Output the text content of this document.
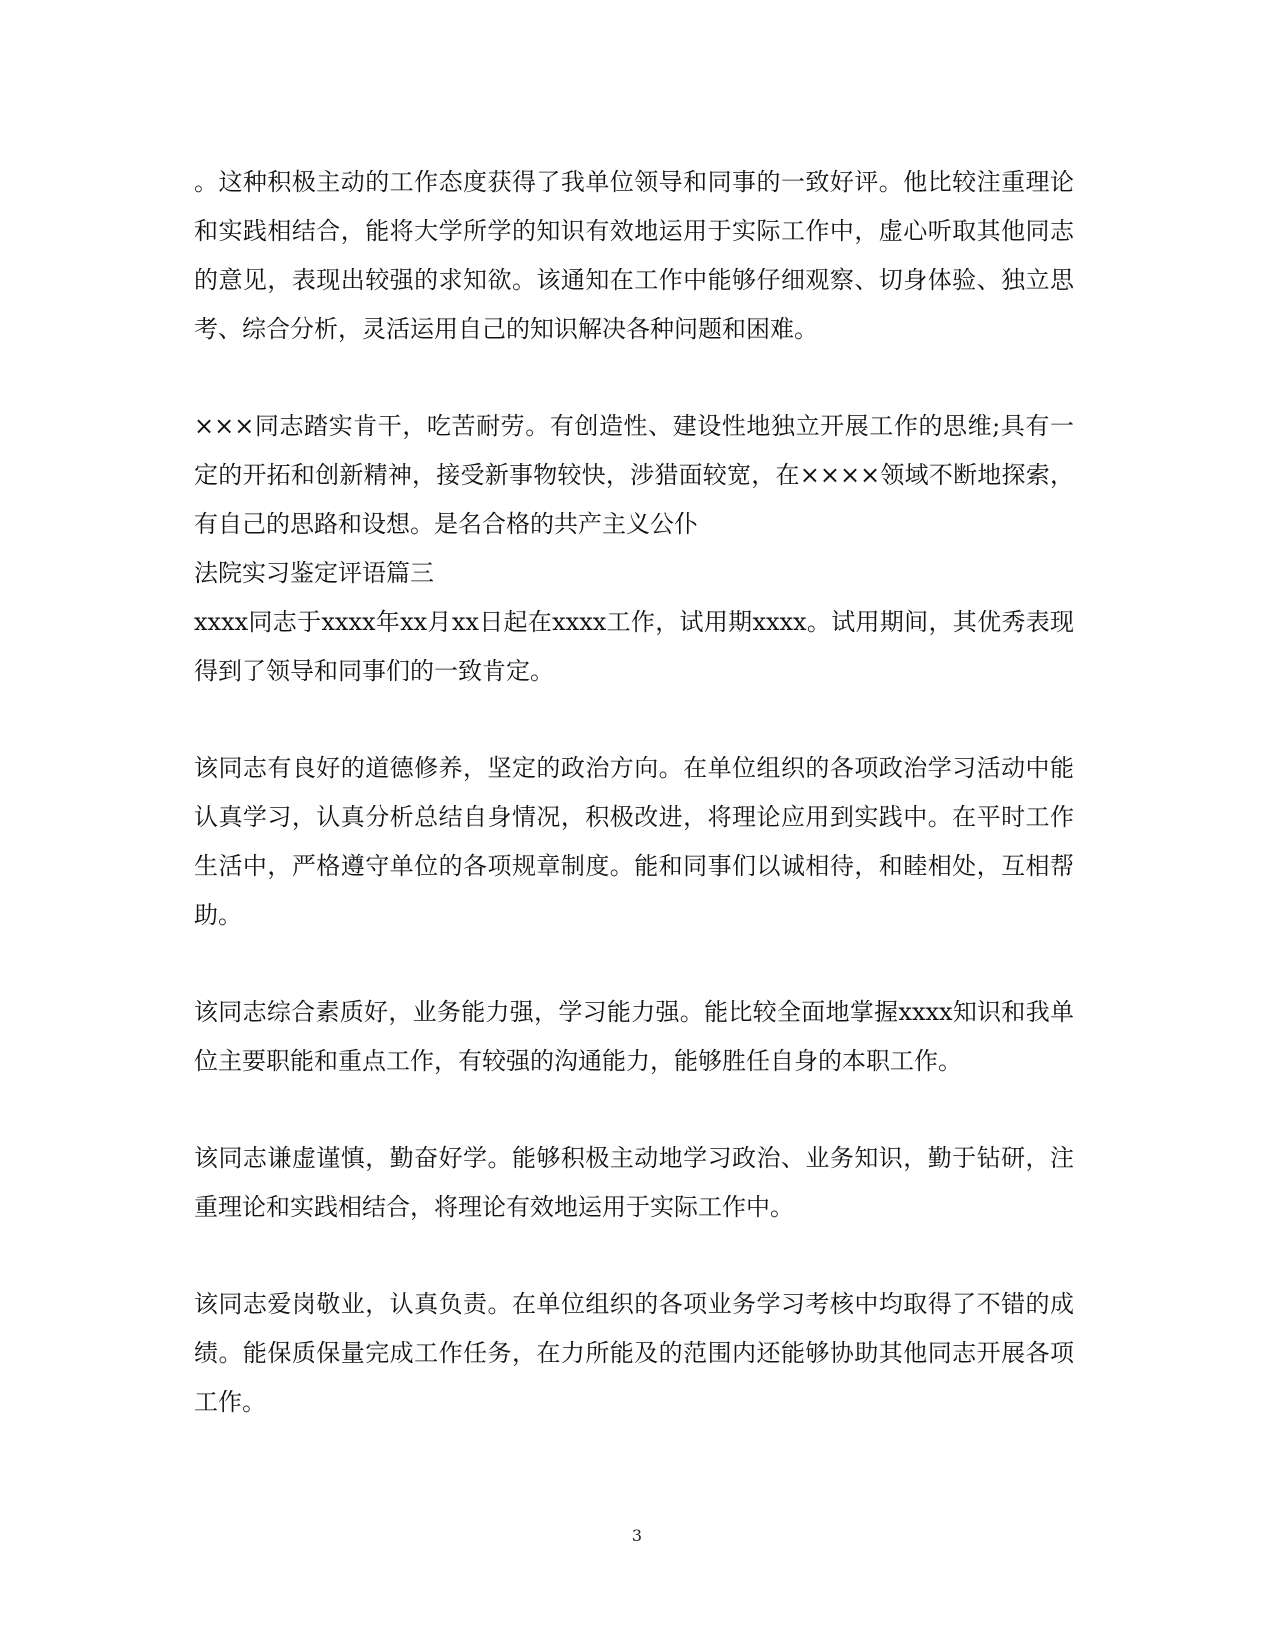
。这种积极主动的工作态度获得了我单位领导和同事的一致好评。他比较注重理论和实践相结合，能将大学所学的知识有效地运用于实际工作中，虚心听取其他同志的意见，表现出较强的求知欲。该通知在工作中能够仔细观察、切身体验、独立思考、综合分析，灵活运用自己的知识解决各种问题和困难。

×××同志踏实肯干，吃苦耐劳。有创造性、建设性地独立开展工作的思维;具有一定的开拓和创新精神，接受新事物较快，涉猎面较宽，在××××领域不断地探索，有自己的思路和设想。是名合格的共产主义公仆

法院实习鉴定评语篇三

xxxx同志于xxxx年xx月xx日起在xxxx工作，试用期xxxx。试用期间，其优秀表现得到了领导和同事们的一致肯定。

该同志有良好的道德修养，坚定的政治方向。在单位组织的各项政治学习活动中能认真学习，认真分析总结自身情况，积极改进，将理论应用到实践中。在平时工作生活中，严格遵守单位的各项规章制度。能和同事们以诚相待，和睦相处，互相帮助。

该同志综合素质好，业务能力强，学习能力强。能比较全面地掌握xxxx知识和我单位主要职能和重点工作，有较强的沟通能力，能够胜任自身的本职工作。

该同志谦虚谨慎，勤奋好学。能够积极主动地学习政治、业务知识，勤于钻研，注重理论和实践相结合，将理论有效地运用于实际工作中。

该同志爱岗敬业，认真负责。在单位组织的各项业务学习考核中均取得了不错的成绩。能保质保量完成工作任务，在力所能及的范围内还能够协助其他同志开展各项工作。

3
